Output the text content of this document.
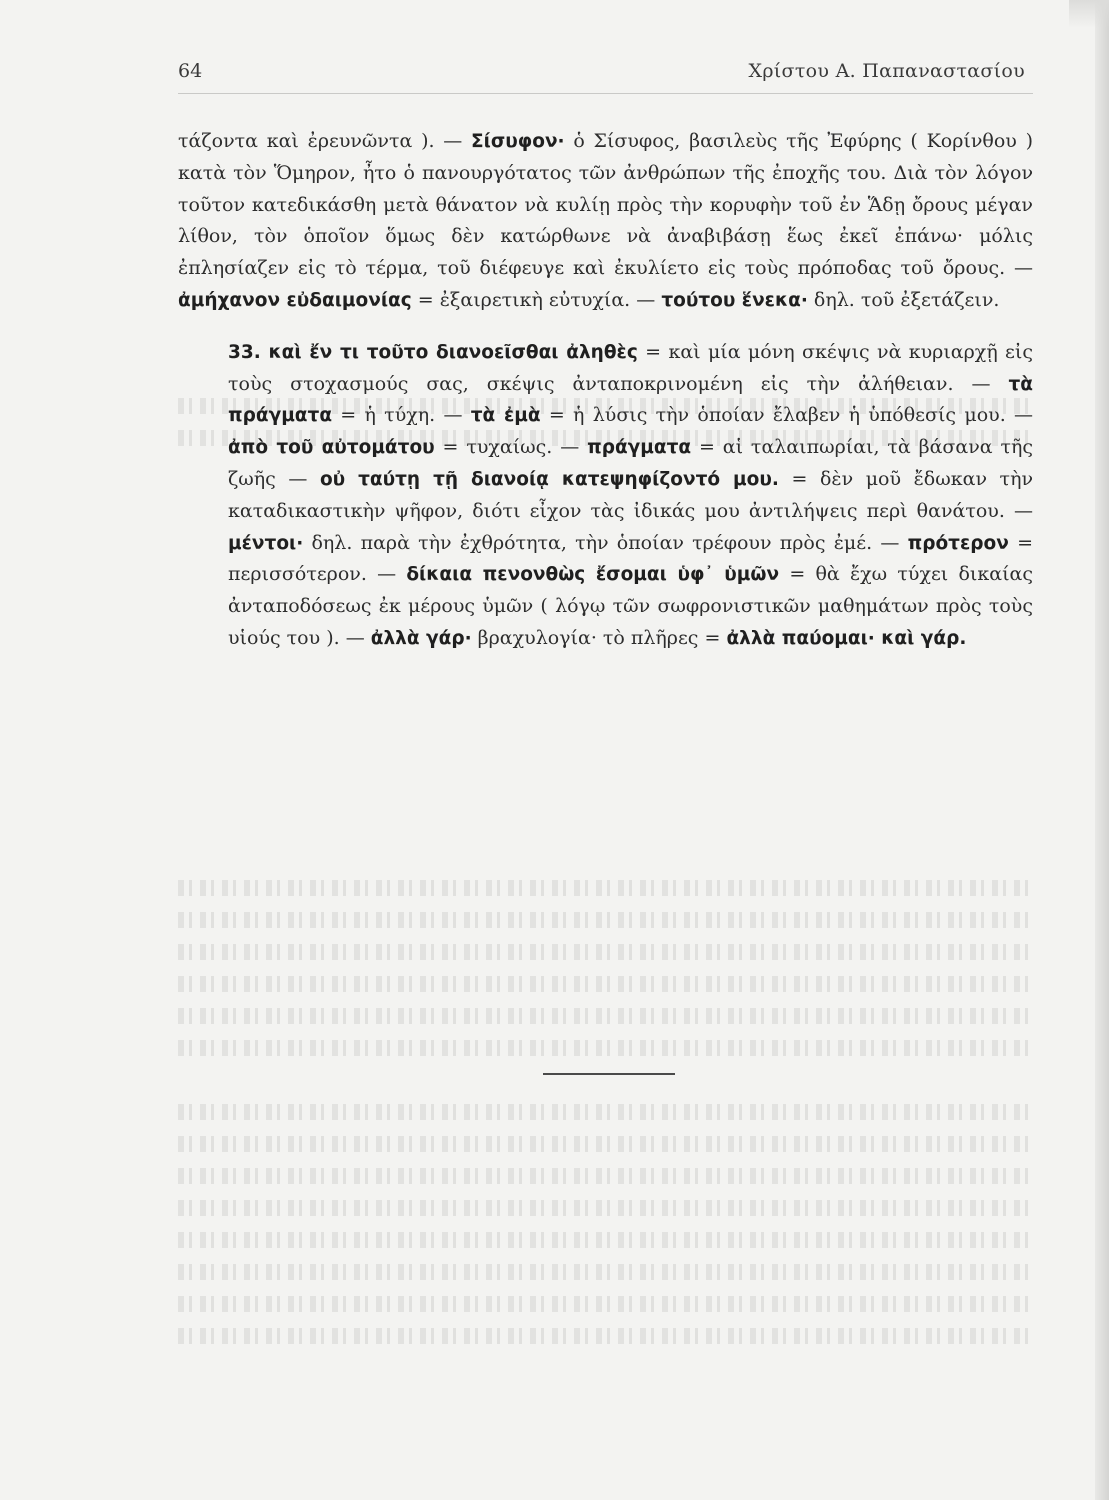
64	Χρίστου Α. Παπαναστασίου

τάζοντα καὶ ἐρευνῶντα ). — Σίσυφον· ὁ Σίσυφος, βασιλεὺς τῆς Ἐφύρης ( Κορίνθου ) κατὰ τὸν Ὅμηρον, ἦτο ὁ πανουργότατος τῶν ἀνθρώπων τῆς ἐποχῆς του. Διὰ τὸν λόγον τοῦτον κατεδικάσθη μετὰ θάνατον νὰ κυλίῃ πρὸς τὴν κορυφὴν τοῦ ἐν Ἅδῃ ὄρους μέγαν λίθον, τὸν ὁποῖον ὅμως δὲν κατώρθωνε νὰ ἀναβιβάσῃ ἕως ἐκεῖ ἐπάνω· μόλις ἐπλησίαζεν εἰς τὸ τέρμα, τοῦ διέφευγε καὶ ἐκυλίετο εἰς τοὺς πρόποδας τοῦ ὄρους. — ἀμήχανον εὐδαιμονίας = ἐξαιρετικὴ εὐτυχία. — τούτου ἕνεκα· δηλ. τοῦ ἐξετάζειν.

33. καὶ ἔν τι τοῦτο διανοεῖσθαι ἀληθὲς = καὶ μία μόνη σκέψις νὰ κυριαρχῇ εἰς τοὺς στοχασμούς σας, σκέψις ἀνταποκρινομένη εἰς τὴν ἀλήθειαν. — τὰ πράγματα = ἡ τύχη. — τὰ ἐμὰ = ἡ λύσις τὴν ὁποίαν ἔλαβεν ἡ ὑπόθεσίς μου. — ἀπὸ τοῦ αὐτομάτου = τυχαίως. — πράγματα = αἱ ταλαιπωρίαι, τὰ βάσανα τῆς ζωῆς — οὐ ταύτῃ τῇ διανοίᾳ κατεψηφίζοντό μου. = δὲν μοῦ ἔδωκαν τὴν καταδικαστικὴν ψῆφον, διότι εἶχον τὰς ἰδικάς μου ἀντιλήψεις περὶ θανάτου. — μέντοι· δηλ. παρὰ τὴν ἐχθρότητα, τὴν ὁποίαν τρέφουν πρὸς ἐμέ. — πρότερον = περισσότερον. — δίκαια πενονθὼς ἔσομαι ὑφ᾽ ὑμῶν = θὰ ἔχω τύχει δικαίας ἀνταποδόσεως ἐκ μέρους ὑμῶν ( λόγῳ τῶν σωφρονιστικῶν μαθημάτων πρὸς τοὺς υἱούς του ). — ἀλλὰ γάρ· βραχυλογία· τὸ πλῆρες = ἀλλὰ παύομαι· καὶ γάρ.
